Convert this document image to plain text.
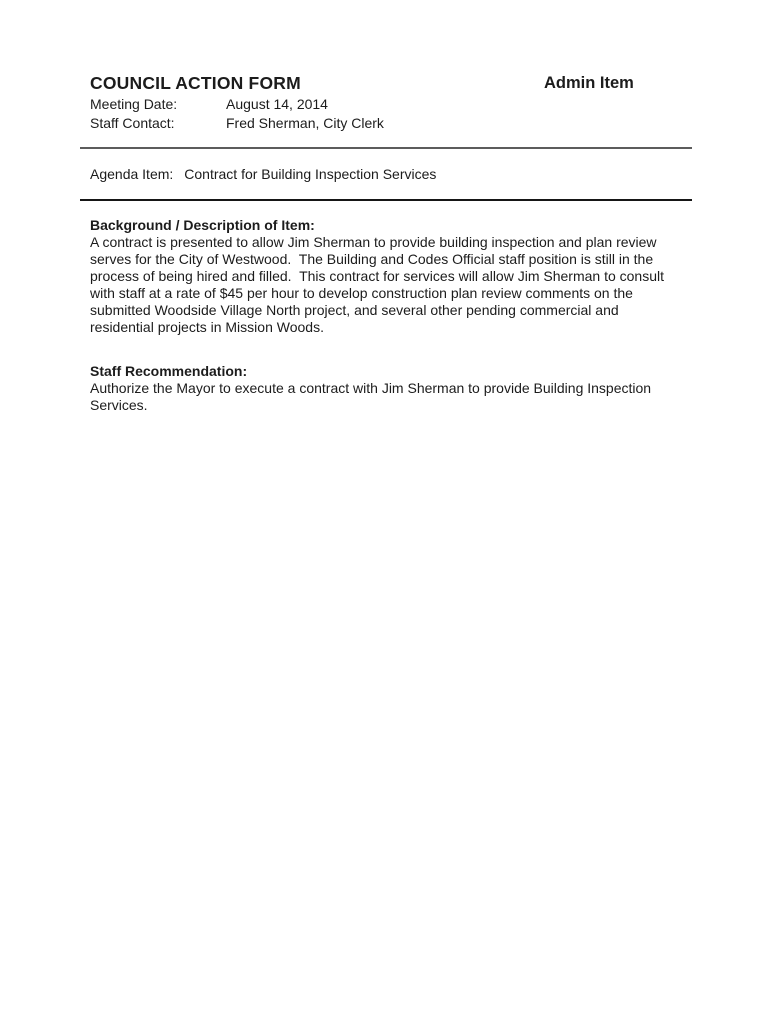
COUNCIL ACTION FORM	Admin Item
Meeting Date:	August 14, 2014
Staff Contact:	Fred Sherman, City Clerk
Agenda Item: Contract for Building Inspection Services
Background / Description of Item:

A contract is presented to allow Jim Sherman to provide building inspection and plan review serves for the City of Westwood.  The Building and Codes Official staff position is still in the process of being hired and filled.  This contract for services will allow Jim Sherman to consult with staff at a rate of $45 per hour to develop construction plan review comments on the submitted Woodside Village North project, and several other pending commercial and residential projects in Mission Woods.

Staff Recommendation:

Authorize the Mayor to execute a contract with Jim Sherman to provide Building Inspection Services.
